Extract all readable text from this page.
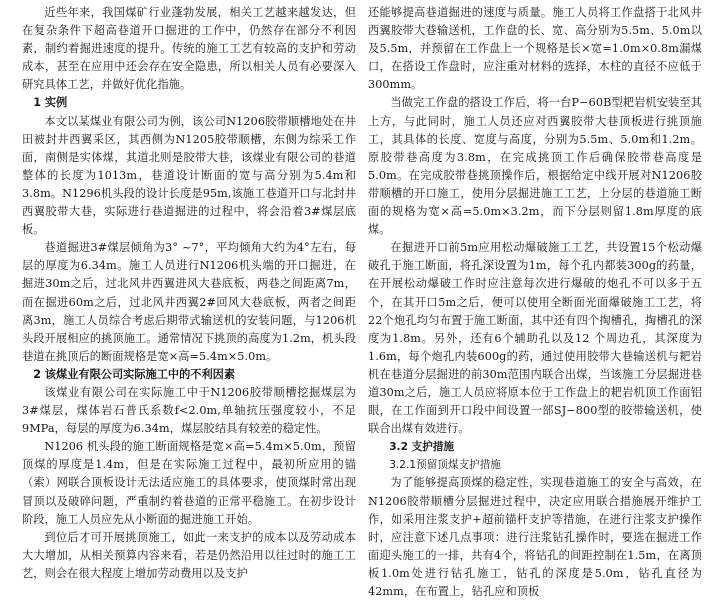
近些年来，我国煤矿行业蓬勃发展，相关工艺越来越发达，但在复杂条件下超高巷道开口掘进的工作中，仍然存在部分不利因素，制约着掘进速度的提升。传统的施工工艺有较高的支护和劳动成本，甚至在应用中还会存在安全隐患，所以相关人员有必要深入研究具体工艺，并做好优化指施。

1 实例

本文以某煤业有限公司为例，该公司N1206胶带顺槽地处在井田被封井西翼采区，其西侧为N1205胶带顺槽，东侧为综采工作面，南侧是实体煤，其道北则是胶带大巷，该煤业有限公司的巷道整体的长度为1013m，巷道设计断面的宽与高分别为5.4m和3.8m。N1296机头段的设计长度是95m,该施工巷道开口与北封井西翼胶带大巷，实际进行巷道掘进的过程中，将会沿着3#煤层底板。

巷道掘进3#煤层倾角为3° ~7°，平均倾角大约为4°左右，每层的厚度为6.34m。施工人员进行N1206机头端的开口掘进，在掘进30m之后，过北风井西翼进风大巷底板，两巷之间距离7m，而在掘进60m之后，过北风井西翼2#回风大巷底板，两者之间距离3m，施工人员综合考虑后期带式输送机的安装问题，与1206机头段开展相应的挑顶施工。通常情况下挑顶的高度为1.2m，机头段巷道在挑顶后的断面规格是宽×高=5.4m×5.0m。

2 该煤业有限公司实际施工中的不利因素

该煤业有限公司在实际施工中于N1206胶带顺槽挖掘煤层为3#煤层，煤体岩石普氏系数f<2.0m,单轴抗压强度较小，不足9MPa，每层的厚度为6.34m，煤层胶结具有较差的稳定性。

N1206 机头段的施工断面规格是宽×高=5.4m×5.0m，预留顶煤的厚度是1.4m，但是在实际施工过程中，最初所应用的锚（索）网联合顶板设计无法适应施工的具体要求，使顶煤时常出现冒顶以及破碎问题，严重制约着巷道的正常平稳施工。在初步设计阶段，施工人员应先从小断面的掘进施工开始。

到位后才可开展挑顶施工，如此一来支护的成本以及劳动成本大大增加，从相关预算内容来看，若是仍然沿用以往过时的施工工艺，则会在很大程度上增加劳动费用以及支护

还能够提高巷道掘进的速度与质量。施工人员将工作盘搭于北风井西翼胶带大巷输送机，工作盘的长、宽、高分别为5.5m、5.0m以及5.5m，并预留在工作盘上一个规格是长×宽=1.0m×0.8m漏煤口，在搭设工作盘时，应注重对材料的选择，木柱的直径不应低于300mm。

当做完工作盘的搭设工作后，将一台P−60B型耙岩机安装至其上方，与此同时，施工人员还应对西翼胶带大巷顶板进行挑顶施工，其具体的长度、宽度与高度，分别为5.5m、5.0m和1.2m。原胶带巷高度为3.8m，在完成挑顶工作后确保胶带巷高度是5.0m。在完成胶带巷挑顶操作后，根据给定中线开展对N1206胶带顺槽的开口施工，使用分层掘进施工工艺，上分层的巷道施工断面的规格为宽×高=5.0m×3.2m，而下分层则留1.8m厚度的底煤。

在掘进开口前5m应用松动爆破施工工艺，共设置15个松动爆破孔于施工断面，将孔深设置为1m，每个孔内都装300g的药量，在开展松动爆破工作时应注意每次进行爆破的炮孔不可以多于五个，在其开口5m之后，便可以使用全断面光面爆破施工工艺，将22个炮孔均匀布置于施工断面，其中还有四个掏槽孔，掏槽孔的深度为1.8m。另外，还有6个辅助孔以及12 个周边孔，其深度为1.6m，每个炮孔内装600g的药，通过使用胶带大巷输送机与耙岩机在巷道分层掘进的前30m范围内联合出煤，当该施工分层掘进巷道30m之后，施工人员应将原本位于工作盘上的耙岩机顶工作面铝眼，在工作面到开口段中间设置一部SJ−800型的胶带输送机，使联合出煤有效进行。

3.2 支护措施

3.2.1预留顶煤支护措施

为了能够提高顶煤的稳定性，实现巷道施工的安全与高效，在N1206胶带顺槽分层掘进过程中，决定应用联合措施展开维护工作，如采用注浆支护+超前锚杆支护等措施，在进行注浆支护操作时，应注意下述几点事项：进行注浆钻孔操作时，要选在掘进工作面迎头施工的一排，共有4个，将钻孔的间距控制在1.5m，在离顶板1.0m处进行钻孔施工，钻孔的深度是5.0m，钻孔直径为42mm，在布置上，钻孔应和顶板
